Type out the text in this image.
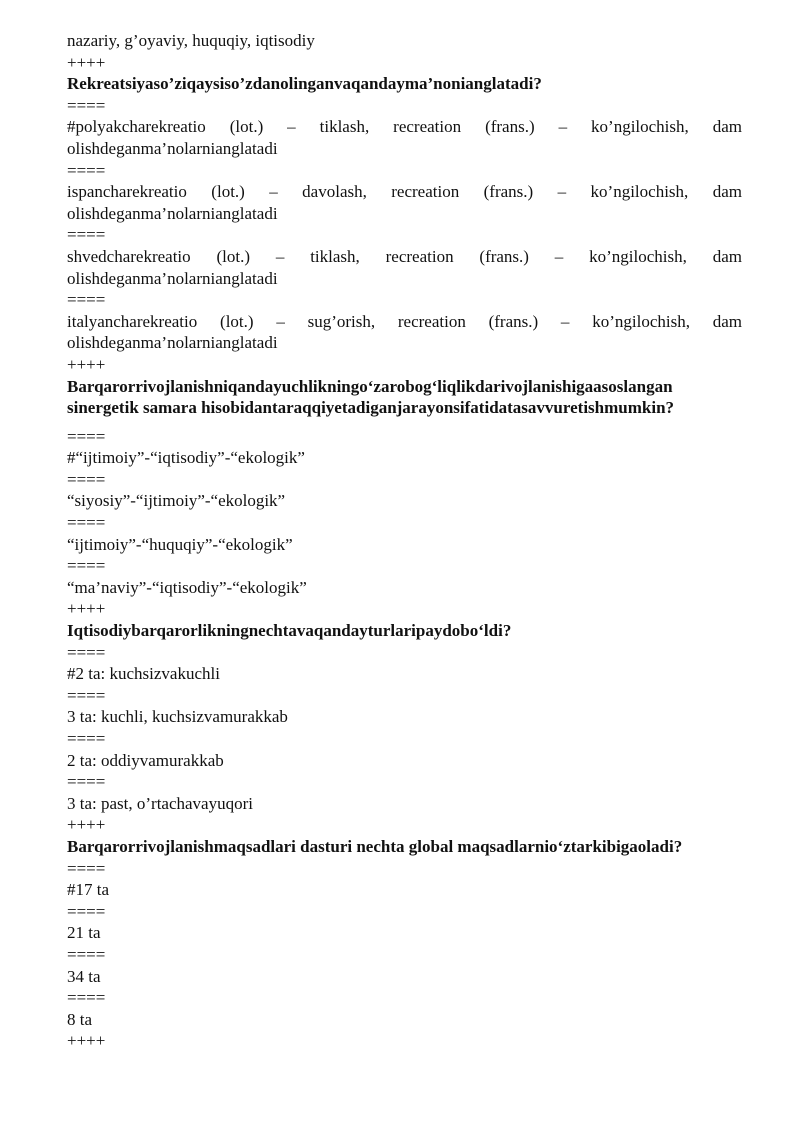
nazariy, g’oyaviy, huquqiy, iqtisodiy
++++
Rekreatsiyaso’ziqaysiso’zdanolinganvaqandayma’nonianglatadi?
====
#polyakcharekreatio (lot.) – tiklash, recreation (frans.) – ko’ngilochish, dam olishdeganma’nolarnianglatadi
====
ispancharekreatio (lot.) – davolash, recreation (frans.) – ko’ngilochish, dam olishdeganma’nolarnianglatadi
====
shvedcharekreatio (lot.) – tiklash, recreation (frans.) – ko’ngilochish, dam olishdeganma’nolarnianglatadi
====
italyancharekreatio (lot.) – sug’orish, recreation (frans.) – ko’ngilochish, dam olishdeganma’nolarnianglatadi
++++
Barqarorrivojlanishniqandayuchlikningo‘zarobog‘liqlikdarivojlanishigaasoslangan sinergetik samara hisobidantaraqqiyetadiganjarayonsifatidatasavvuretishmumkin?
====
#“ijtimoiy”-“iqtisodiy”-“ekologik”
====
“siyosiy”-“ijtimoiy”-“ekologik”
====
“ijtimoiy”-“huquqiy”-“ekologik”
====
“ma’naviy”-“iqtisodiy”-“ekologik”
++++
Iqtisodiybarqarorlikningnechtavaqandayturlaripaydobo‘ldi?
====
#2 ta: kuchsizvakuchli
====
3 ta: kuchli, kuchsizvamurakkab
====
2 ta: oddiyvamurakkab
====
3 ta: past, o’rtachavayuqori
++++
Barqarorrivojlanishmaqsadlari dasturi nechta global maqsadlarnio‘ztarkibigaoladi?
====
#17 ta
====
21 ta
====
34 ta
====
8 ta
++++
